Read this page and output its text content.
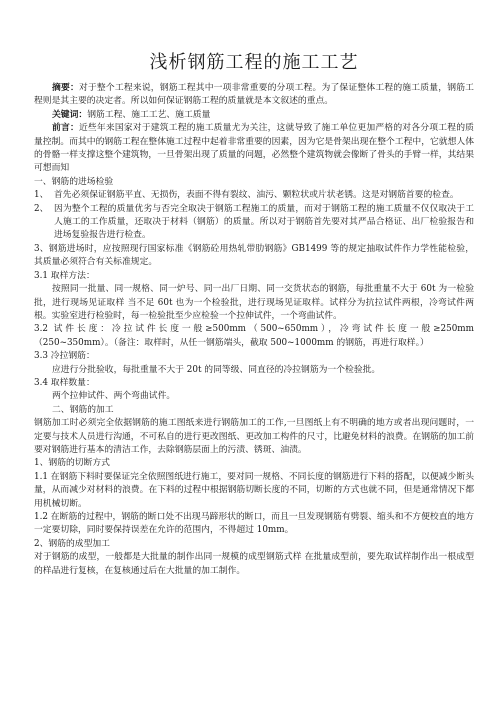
浅析钢筋工程的施工工艺

摘要：对于整个工程来说，钢筋工程其中一项非常重要的分项工程。为了保证整体工程的施工质量，钢筋工程则是其主要的决定者。所以如何保证钢筋工程的质量就是本文叙述的重点。

关键词：钢筋工程、施工工艺、施工质量

前言：近些年来国家对于建筑工程的施工质量尤为关注，这就导致了施工单位更加严格的对各分项工程的质量控制。而其中的钢筋工程在整体施工过程中起着非常重要的因素，因为它是骨架出现在整个工程中，它就想人体的骨骼一样支撑这整个建筑物，一旦骨架出现了质量的问题，必然整个建筑物就会像断了骨头的手臂一样，其结果可想而知

一、钢筋的进场检验

1、 首先必须保证钢筋平直、无损伤，表面不得有裂纹、油污、颗粒状或片状老锈。这是对钢筋首要的检查。
2、 因为整个工程的质量优劣与否完全取决于钢筋工程施工的质量，而对于钢筋工程的施工质量不仅仅取决于工人施工的工作质量，还取决于材料（钢筋）的质量。所以对于钢筋首先要对其严品合格证、出厂检验报告和进场复验报告进行检查。

3、钢筋进场时，应按照现行国家标准《钢筋砼用热轧带肋钢筋》GB1499 等的规定抽取试件作力学性能检验，其质量必须符合有关标准规定。

3.1 取样方法：

按照同一批量、同一规格、同一炉号、同一出厂日期、同一交货状态的钢筋，每批重量不大于 60t 为一检验批，进行现场见证取样 当不足 60t 也为一个检验批，进行现场见证取样。试样分为抗拉试件两根，冷弯试件两根。实验室进行检验时，每一检验批至少应检验一个拉伸试件，一个弯曲试件。

3.2 试件长度：冷拉试件长度一般≥500mm（500~650mm），冷弯试件长度一般≥250mm（250~350mm）。（备注：取样时，从任一钢筋端头，截取 500~1000mm 的钢筋，再进行取样。）

3.3 冷拉钢筋：

应进行分批验收，每批重量不大于 20t 的同等级、同直径的冷拉钢筋为一个检验批。

3.4 取样数量：

两个拉伸试件、两个弯曲试件。

二、钢筋的加工

钢筋加工时必须完全依据钢筋的施工图纸来进行钢筋加工的工作,一旦图纸上有不明确的地方或者出现问题时，一定要与技术人员进行沟通，不可私自的进行更改图纸、更改加工构件的尺寸，比避免材料的浪费。在钢筋的加工前要对钢筋进行基本的清洁工作，去除钢筋层面上的污渍、锈斑、油渍。

1、钢筋的切断方式

1.1 在钢筋下料时要保证完全依照图纸进行施工，要对同一规格、不同长度的钢筋进行下料的搭配，以便减少断头量，从而减少对材料的浪费。在下料的过程中根据钢筋切断长度的不同，切断的方式也就不同，但是通常情况下都用机械切断。

1.2 在断筋的过程中，钢筋的断口处不出现马蹄形状的断口，而且一旦发现钢筋有劈裂、缩头和不方便校直的地方一定要切除，同时要保持误差在允许的范围内，不得超过 10mm。

2、钢筋的成型加工

对于钢筋的成型，一般都是大批量的制作出同一规模的成型钢筋式样 在批量成型前，要先取试样制作出一根成型的样品进行复核，在复核通过后在大批量的加工制作。
